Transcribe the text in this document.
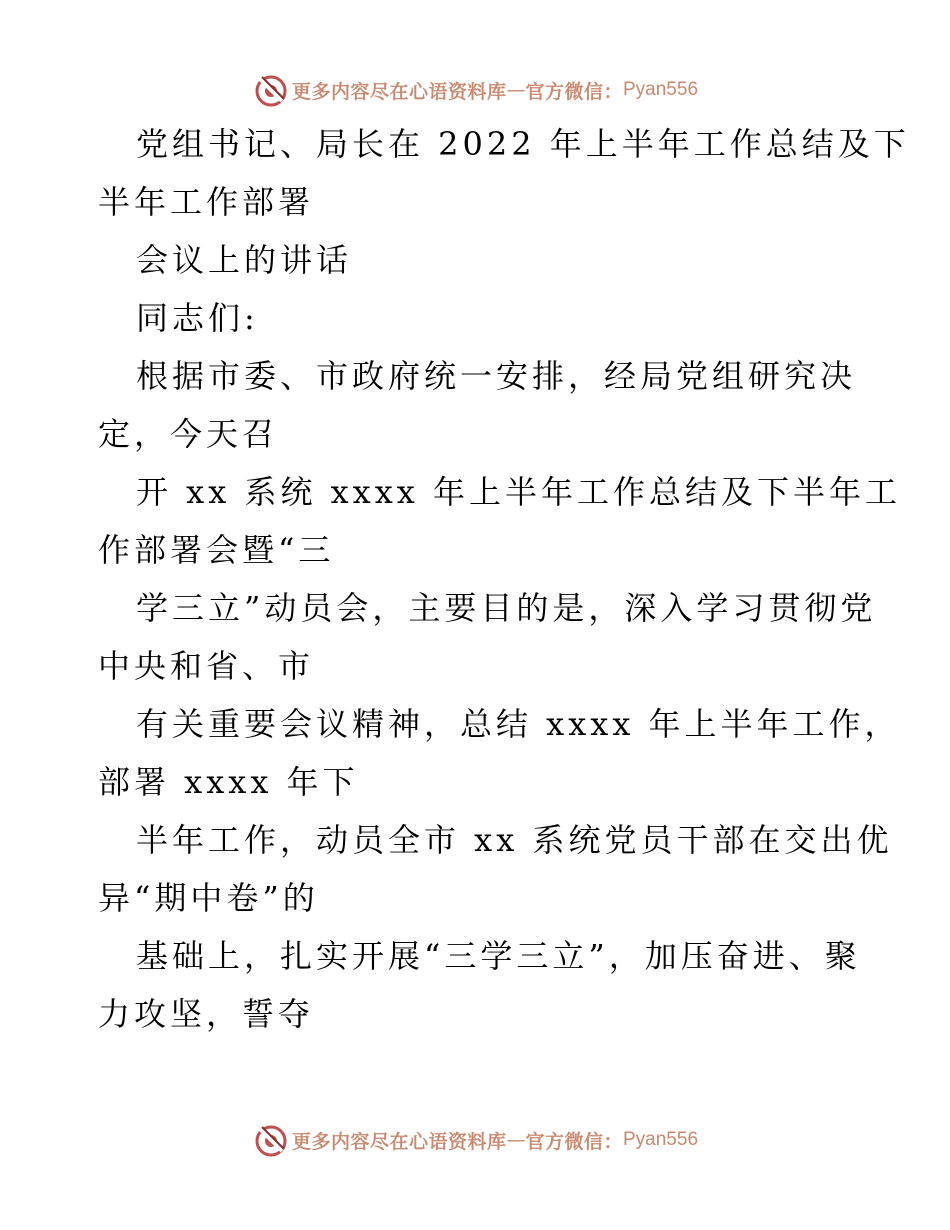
更多内容尽在心语资料库 — 官方微信： Pyan556
党组书记、局长在 2022 年上半年工作总结及下
半年工作部署
会议上的讲话
同志们:
根据市委、市政府统一安排，经局党组研究决
定，今天召
开 xx 系统 xxxx 年上半年工作总结及下半年工
作部署会暨“三
学三立”动员会，主要目的是，深入学习贯彻党
中央和省、市
有关重要会议精神，总结 xxxx 年上半年工作，
部署 xxxx 年下
半年工作，动员全市 xx 系统党员干部在交出优
异“期中卷”的
基础上，扎实开展“三学三立”，加压奋进、聚
力攻坚，誓夺
更多内容尽在心语资料库 — 官方微信： Pyan556
